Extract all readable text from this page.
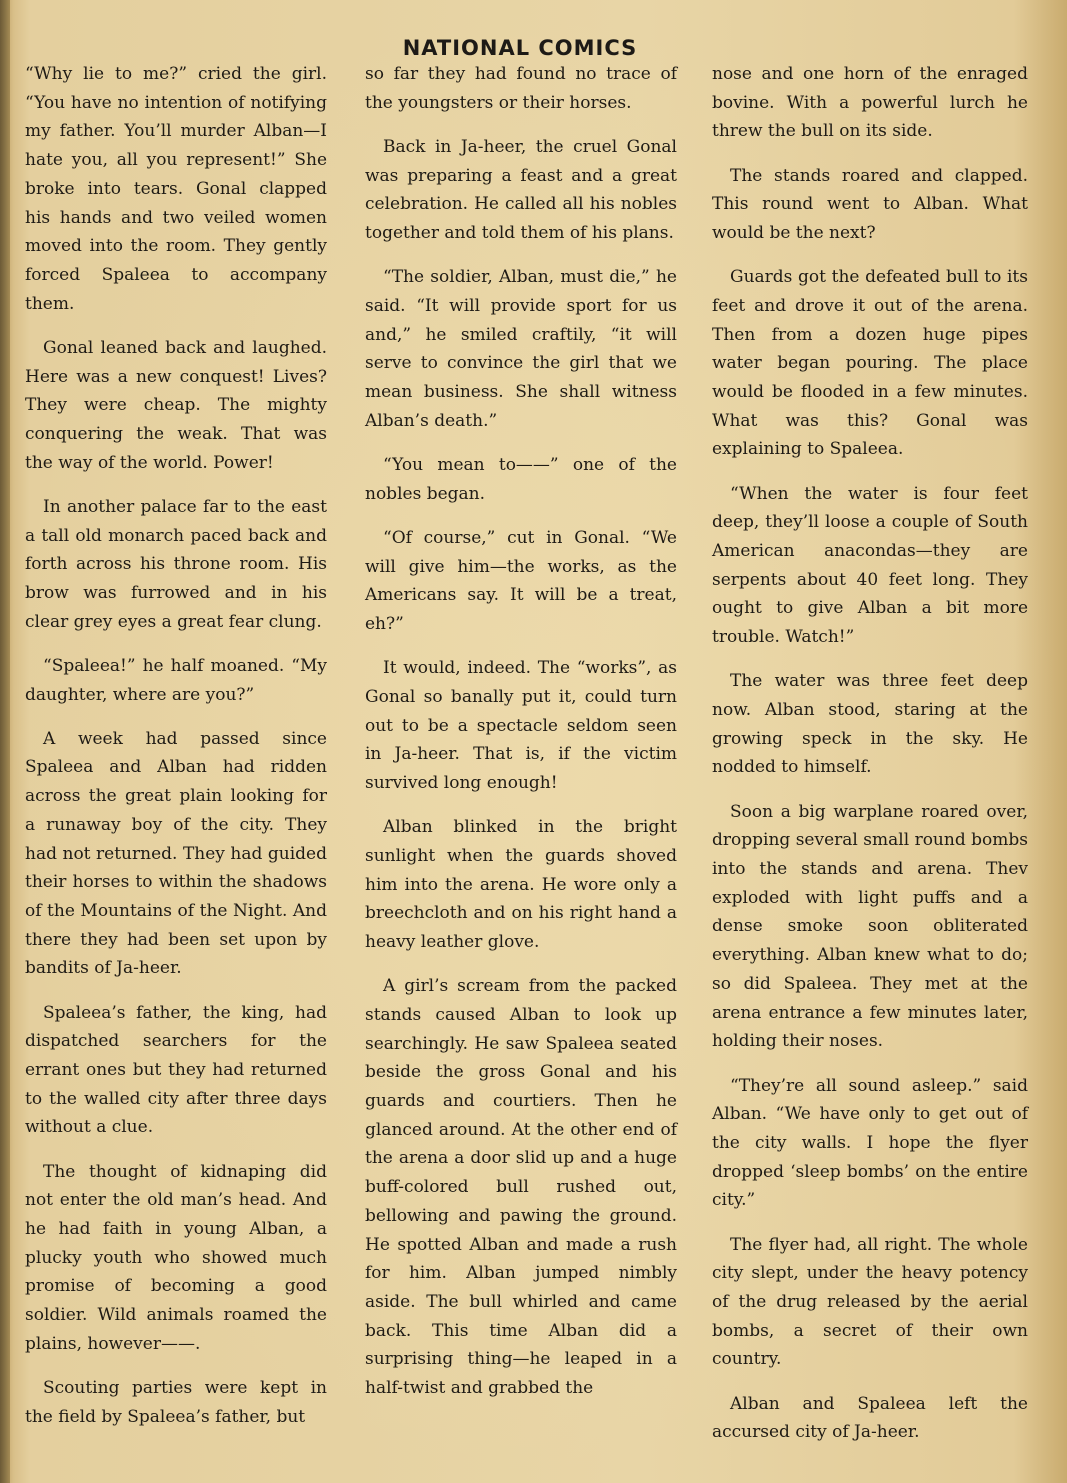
NATIONAL COMICS

“Why lie to me?” cried the girl. “You have no intention of notifying my father. You’ll murder Alban—I hate you, all you represent!” She broke into tears. Gonal clapped his hands and two veiled women moved into the room. They gently forced Spaleea to accompany them.

Gonal leaned back and laughed. Here was a new conquest! Lives? They were cheap. The mighty conquering the weak. That was the way of the world. Power!

In another palace far to the east a tall old monarch paced back and forth across his throne room. His brow was furrowed and in his clear grey eyes a great fear clung.

“Spaleea!” he half moaned. “My daughter, where are you?”

A week had passed since Spaleea and Alban had ridden across the great plain looking for a runaway boy of the city. They had not returned. They had guided their horses to within the shadows of the Mountains of the Night. And there they had been set upon by bandits of Ja-heer.

Spaleea’s father, the king, had dispatched searchers for the errant ones but they had returned to the walled city after three days without a clue.

The thought of kidnaping did not enter the old man’s head. And he had faith in young Alban, a plucky youth who showed much promise of becoming a good soldier. Wild animals roamed the plains, however——.

Scouting parties were kept in the field by Spaleea’s father, but

so far they had found no trace of the youngsters or their horses.

Back in Ja-heer, the cruel Gonal was preparing a feast and a great celebration. He called all his nobles together and told them of his plans.

“The soldier, Alban, must die,” he said. “It will provide sport for us and,” he smiled craftily, “it will serve to convince the girl that we mean business. She shall witness Alban’s death.”

“You mean to——” one of the nobles began.

“Of course,” cut in Gonal. “We will give him—the works, as the Americans say. It will be a treat, eh?”

It would, indeed. The “works”, as Gonal so banally put it, could turn out to be a spectacle seldom seen in Ja-heer. That is, if the victim survived long enough!

Alban blinked in the bright sunlight when the guards shoved him into the arena. He wore only a breechcloth and on his right hand a heavy leather glove.

A girl’s scream from the packed stands caused Alban to look up searchingly. He saw Spaleea seated beside the gross Gonal and his guards and courtiers. Then he glanced around. At the other end of the arena a door slid up and a huge buff-colored bull rushed out, bellowing and pawing the ground. He spotted Alban and made a rush for him. Alban jumped nimbly aside. The bull whirled and came back. This time Alban did a surprising thing—he leaped in a half-twist and grabbed the

nose and one horn of the enraged bovine. With a powerful lurch he threw the bull on its side.

The stands roared and clapped. This round went to Alban. What would be the next?

Guards got the defeated bull to its feet and drove it out of the arena. Then from a dozen huge pipes water began pouring. The place would be flooded in a few minutes. What was this? Gonal was explaining to Spaleea.

“When the water is four feet deep, they’ll loose a couple of South American anacondas—they are serpents about 40 feet long. They ought to give Alban a bit more trouble. Watch!”

The water was three feet deep now. Alban stood, staring at the growing speck in the sky. He nodded to himself.

Soon a big warplane roared over, dropping several small round bombs into the stands and arena. Thev exploded with light puffs and a dense smoke soon obliterated everything. Alban knew what to do; so did Spaleea. They met at the arena entrance a few minutes later, holding their noses.

“They’re all sound asleep.” said Alban. “We have only to get out of the city walls. I hope the flyer dropped ‘sleep bombs’ on the entire city.”

The flyer had, all right. The whole city slept, under the heavy potency of the drug released by the aerial bombs, a secret of their own country.

Alban and Spaleea left the accursed city of Ja-heer.
